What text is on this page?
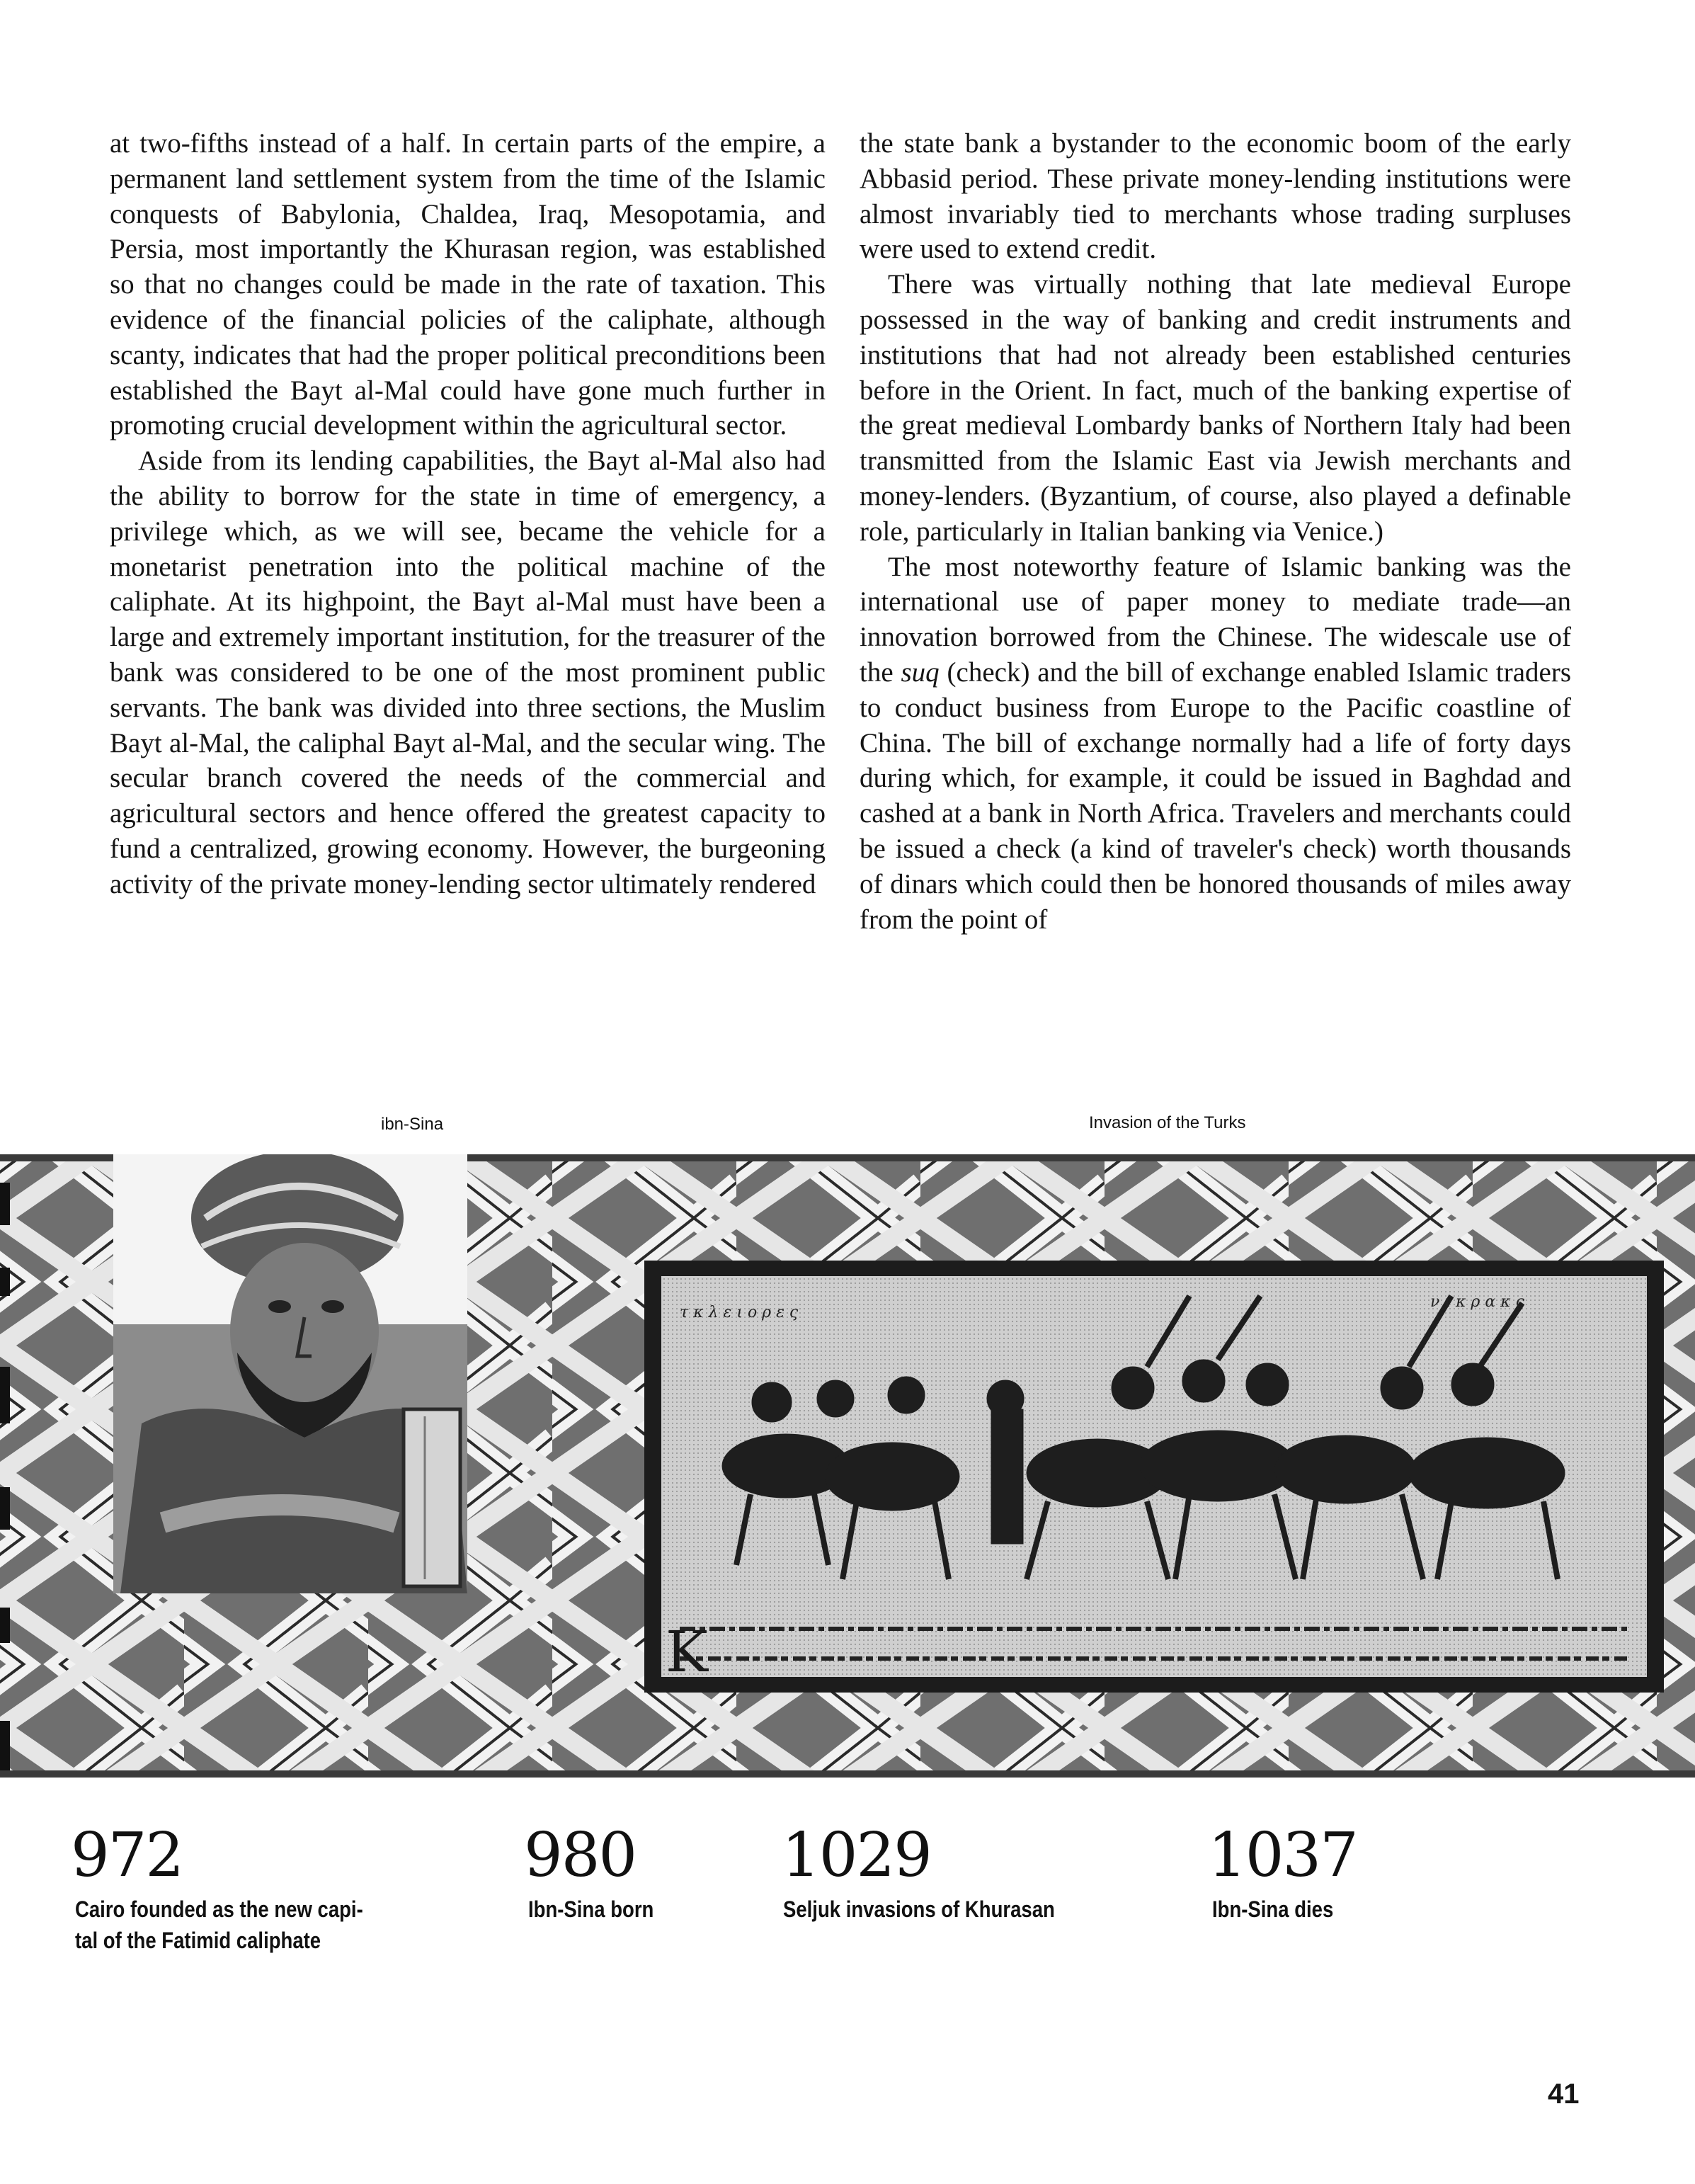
at two-fifths instead of a half. In certain parts of the empire, a permanent land settlement system from the time of the Islamic conquests of Babylonia, Chaldea, Iraq, Mesopotamia, and Persia, most importantly the Khurasan region, was established so that no changes could be made in the rate of taxation. This evidence of the financial policies of the caliphate, although scanty, indicates that had the proper political preconditions been established the Bayt al-Mal could have gone much further in promoting crucial development within the agricultural sector.

Aside from its lending capabilities, the Bayt al-Mal also had the ability to borrow for the state in time of emergency, a privilege which, as we will see, became the vehicle for a monetarist penetration into the political machine of the caliphate. At its highpoint, the Bayt al-Mal must have been a large and extremely important institution, for the treasurer of the bank was considered to be one of the most prominent public servants. The bank was divided into three sections, the Muslim Bayt al-Mal, the caliphal Bayt al-Mal, and the secular wing. The secular branch covered the needs of the commercial and agricultural sectors and hence offered the greatest capacity to fund a centralized, growing economy. However, the burgeoning activity of the private money-lending sector ultimately rendered

the state bank a bystander to the economic boom of the early Abbasid period. These private money-lending institutions were almost invariably tied to merchants whose trading surpluses were used to extend credit.

There was virtually nothing that late medieval Europe possessed in the way of banking and credit instruments and institutions that had not already been established centuries before in the Orient. In fact, much of the banking expertise of the great medieval Lombardy banks of Northern Italy had been transmitted from the Islamic East via Jewish merchants and money-lenders. (Byzantium, of course, also played a definable role, particularly in Italian banking via Venice.)

The most noteworthy feature of Islamic banking was the international use of paper money to mediate trade—an innovation borrowed from the Chinese. The widescale use of the suq (check) and the bill of exchange enabled Islamic traders to conduct business from Europe to the Pacific coastline of China. The bill of exchange normally had a life of forty days during which, for example, it could be issued in Baghdad and cashed at a bank in North Africa. Travelers and merchants could be issued a check (a kind of traveler's check) worth thousands of dinars which could then be honored thousands of miles away from the point of

ibn-Sina	Invasion of the Turks
τ κ λ ε ι ο ρ ε ς
ν ι κ ρ α κ ς
K
972
Cairo founded as the new capi-
tal of the Fatimid caliphate
980
Ibn-Sina born
1029
Seljuk invasions of Khurasan
1037
Ibn-Sina dies
41
